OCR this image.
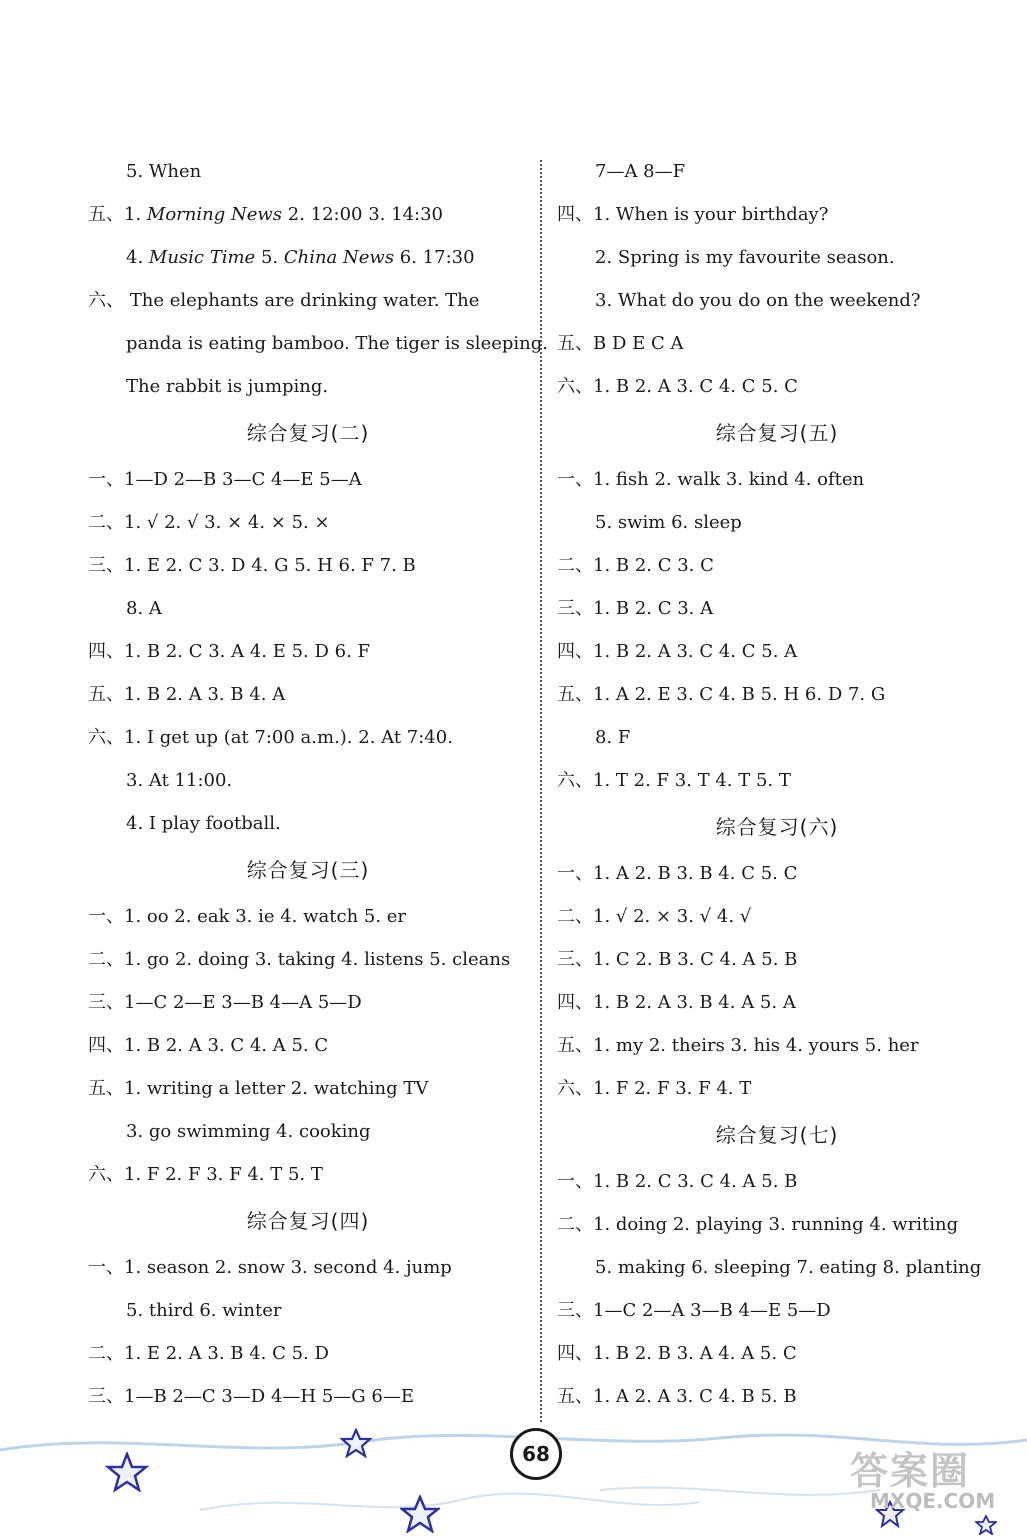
5. When
五、1. Morning News 2. 12:00 3. 14:30
4. Music Time 5. China News 6. 17:30
六、 The elephants are drinking water. The
panda is eating bamboo. The tiger is sleeping.
The rabbit is jumping.
综合复习(二)
一、1—D 2—B 3—C 4—E 5—A
二、1. √ 2. √ 3. × 4. × 5. ×
三、1. E 2. C 3. D 4. G 5. H 6. F 7. B
8. A
四、1. B 2. C 3. A 4. E 5. D 6. F
五、1. B 2. A 3. B 4. A
六、1. I get up (at 7:00 a.m.). 2. At 7:40.
3. At 11:00.
4. I play football.
综合复习(三)
一、1. oo 2. eak 3. ie 4. watch 5. er
二、1. go 2. doing 3. taking 4. listens 5. cleans
三、1—C 2—E 3—B 4—A 5—D
四、1. B 2. A 3. C 4. A 5. C
五、1. writing a letter 2. watching TV
3. go swimming 4. cooking
六、1. F 2. F 3. F 4. T 5. T
综合复习(四)
一、1. season 2. snow 3. second 4. jump
5. third 6. winter
二、1. E 2. A 3. B 4. C 5. D
三、1—B 2—C 3—D 4—H 5—G 6—E
7—A 8—F
四、1. When is your birthday?
2. Spring is my favourite season.
3. What do you do on the weekend?
五、B D E C A
六、1. B 2. A 3. C 4. C 5. C
综合复习(五)
一、1. fish 2. walk 3. kind 4. often
5. swim 6. sleep
二、1. B 2. C 3. C
三、1. B 2. C 3. A
四、1. B 2. A 3. C 4. C 5. A
五、1. A 2. E 3. C 4. B 5. H 6. D 7. G
8. F
六、1. T 2. F 3. T 4. T 5. T
综合复习(六)
一、1. A 2. B 3. B 4. C 5. C
二、1. √ 2. × 3. √ 4. √
三、1. C 2. B 3. C 4. A 5. B
四、1. B 2. A 3. B 4. A 5. A
五、1. my 2. theirs 3. his 4. yours 5. her
六、1. F 2. F 3. F 4. T
综合复习(七)
一、1. B 2. C 3. C 4. A 5. B
二、1. doing 2. playing 3. running 4. writing
5. making 6. sleeping 7. eating 8. planting
三、1—C 2—A 3—B 4—E 5—D
四、1. B 2. B 3. A 4. A 5. C
五、1. A 2. A 3. C 4. B 5. B
68	答案圈
MXQE.COM
